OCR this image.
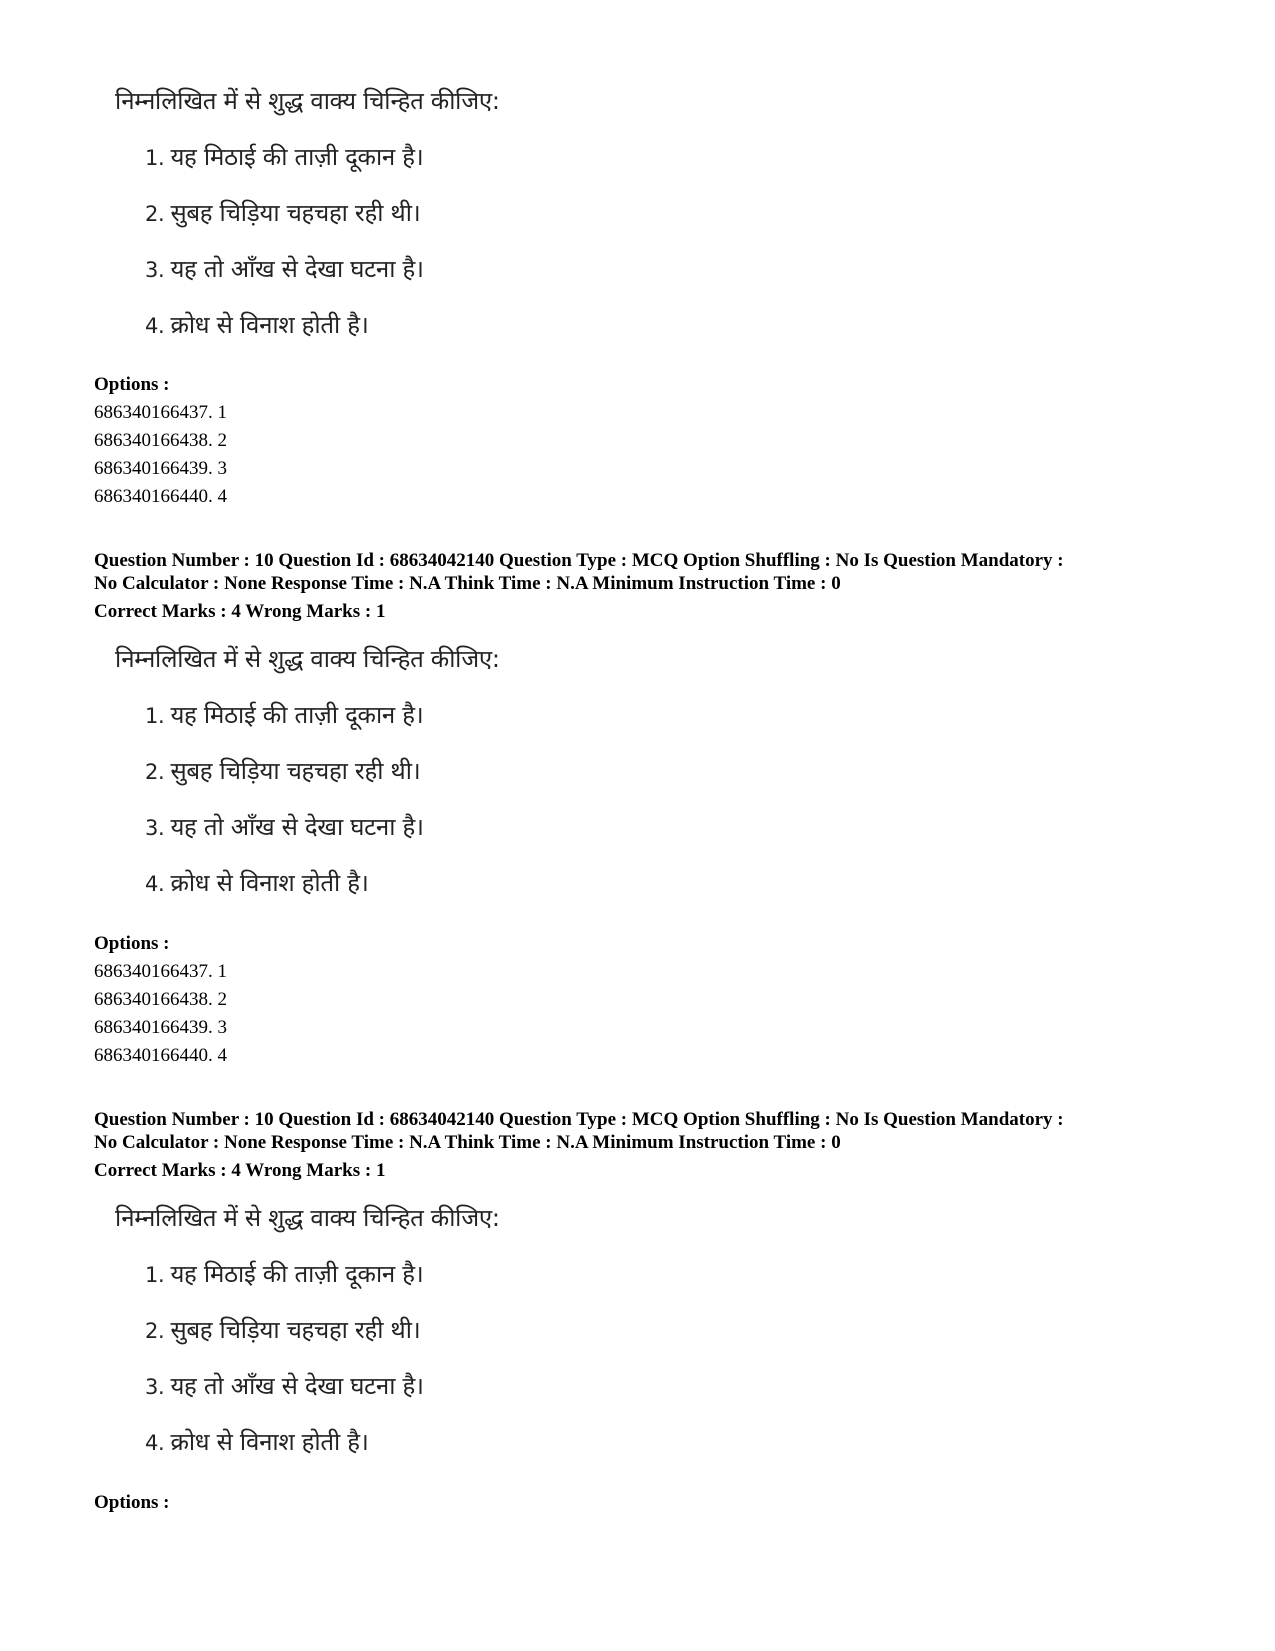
निम्नलिखित में से शुद्ध वाक्य चिन्हित कीजिए:
1. यह मिठाई की ताज़ी दूकान है।
2. सुबह चिड़िया चहचहा रही थी।
3. यह तो आँख से देखा घटना है।
4. क्रोध से विनाश होती है।
Options :
686340166437. 1
686340166438. 2
686340166439. 3
686340166440. 4
Question Number : 10 Question Id : 68634042140 Question Type : MCQ Option Shuffling : No Is Question Mandatory :
No Calculator : None Response Time : N.A Think Time : N.A Minimum Instruction Time : 0
Correct Marks : 4 Wrong Marks : 1
निम्नलिखित में से शुद्ध वाक्य चिन्हित कीजिए:
1. यह मिठाई की ताज़ी दूकान है।
2. सुबह चिड़िया चहचहा रही थी।
3. यह तो आँख से देखा घटना है।
4. क्रोध से विनाश होती है।
Options :
686340166437. 1
686340166438. 2
686340166439. 3
686340166440. 4
Question Number : 10 Question Id : 68634042140 Question Type : MCQ Option Shuffling : No Is Question Mandatory :
No Calculator : None Response Time : N.A Think Time : N.A Minimum Instruction Time : 0
Correct Marks : 4 Wrong Marks : 1
निम्नलिखित में से शुद्ध वाक्य चिन्हित कीजिए:
1. यह मिठाई की ताज़ी दूकान है।
2. सुबह चिड़िया चहचहा रही थी।
3. यह तो आँख से देखा घटना है।
4. क्रोध से विनाश होती है।
Options :
